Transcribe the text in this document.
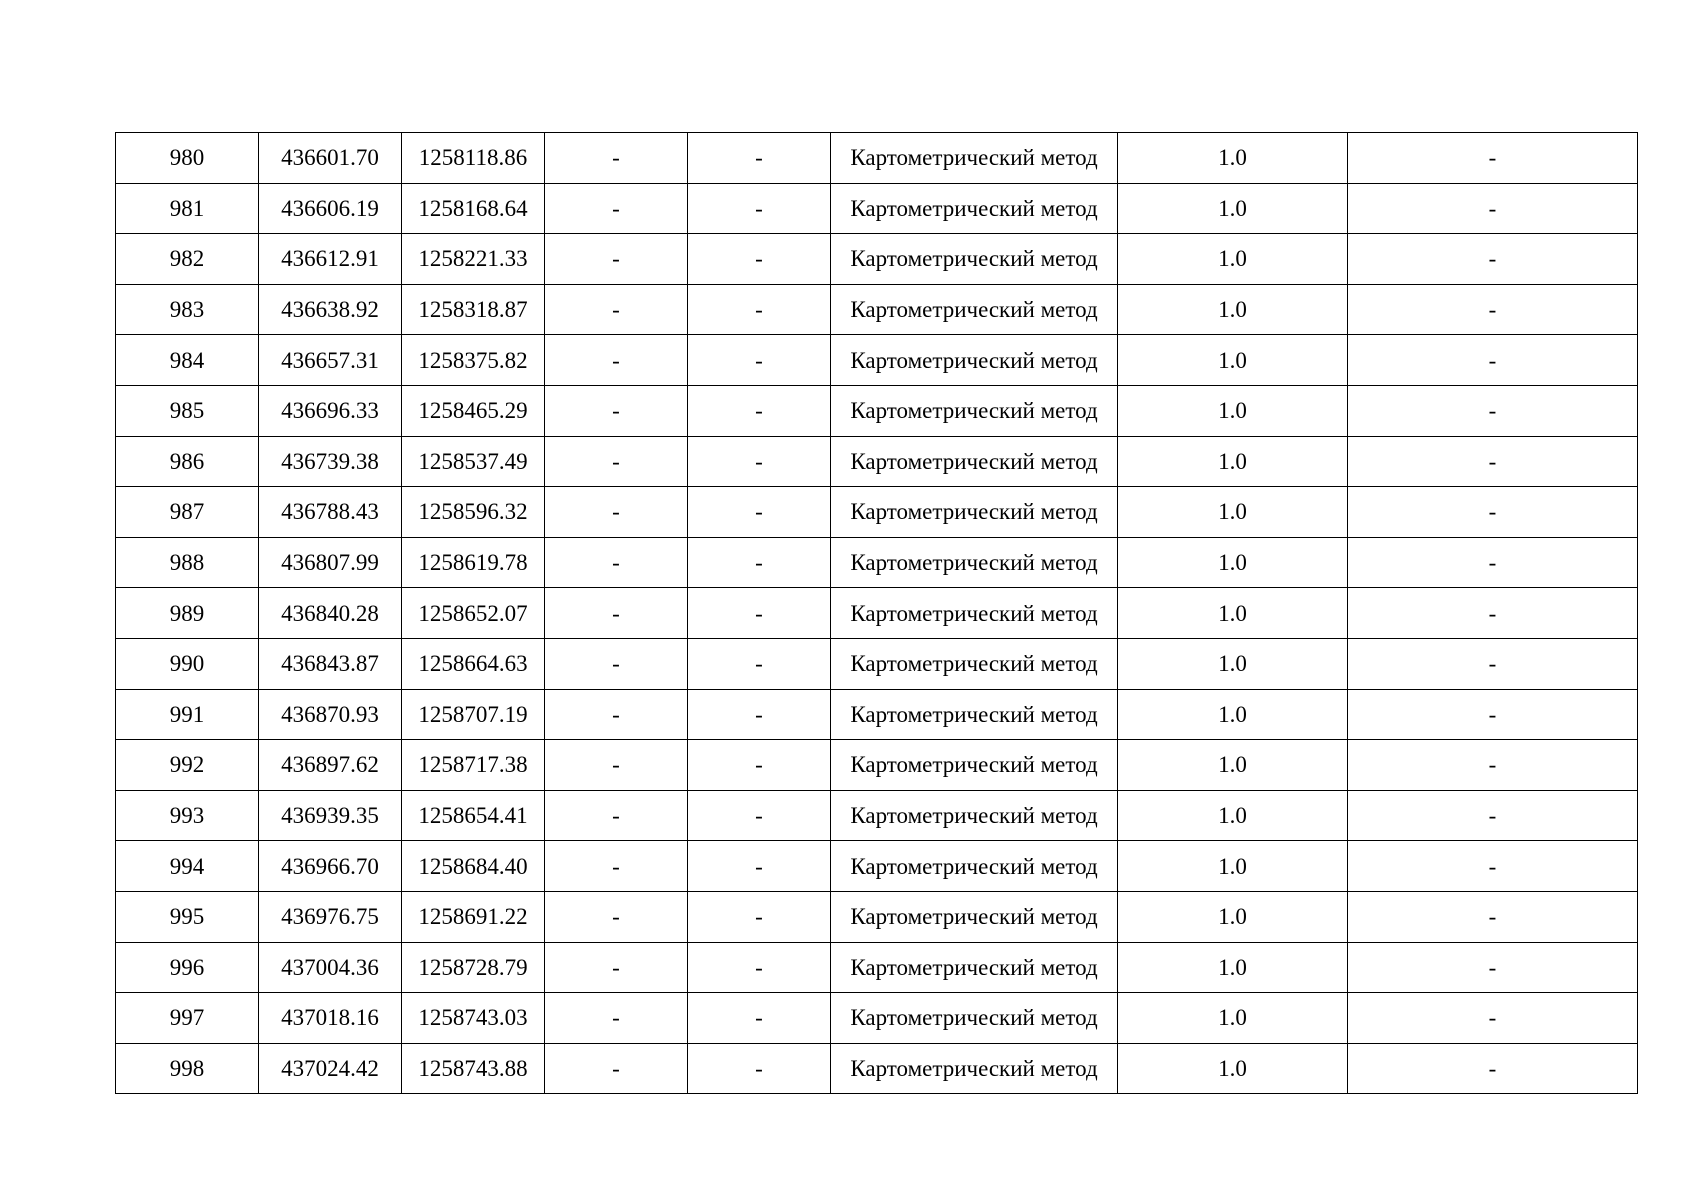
980	436601.70	1258118.86	-	-	Картометрический метод	1.0	-
981	436606.19	1258168.64	-	-	Картометрический метод	1.0	-
982	436612.91	1258221.33	-	-	Картометрический метод	1.0	-
983	436638.92	1258318.87	-	-	Картометрический метод	1.0	-
984	436657.31	1258375.82	-	-	Картометрический метод	1.0	-
985	436696.33	1258465.29	-	-	Картометрический метод	1.0	-
986	436739.38	1258537.49	-	-	Картометрический метод	1.0	-
987	436788.43	1258596.32	-	-	Картометрический метод	1.0	-
988	436807.99	1258619.78	-	-	Картометрический метод	1.0	-
989	436840.28	1258652.07	-	-	Картометрический метод	1.0	-
990	436843.87	1258664.63	-	-	Картометрический метод	1.0	-
991	436870.93	1258707.19	-	-	Картометрический метод	1.0	-
992	436897.62	1258717.38	-	-	Картометрический метод	1.0	-
993	436939.35	1258654.41	-	-	Картометрический метод	1.0	-
994	436966.70	1258684.40	-	-	Картометрический метод	1.0	-
995	436976.75	1258691.22	-	-	Картометрический метод	1.0	-
996	437004.36	1258728.79	-	-	Картометрический метод	1.0	-
997	437018.16	1258743.03	-	-	Картометрический метод	1.0	-
998	437024.42	1258743.88	-	-	Картометрический метод	1.0	-
